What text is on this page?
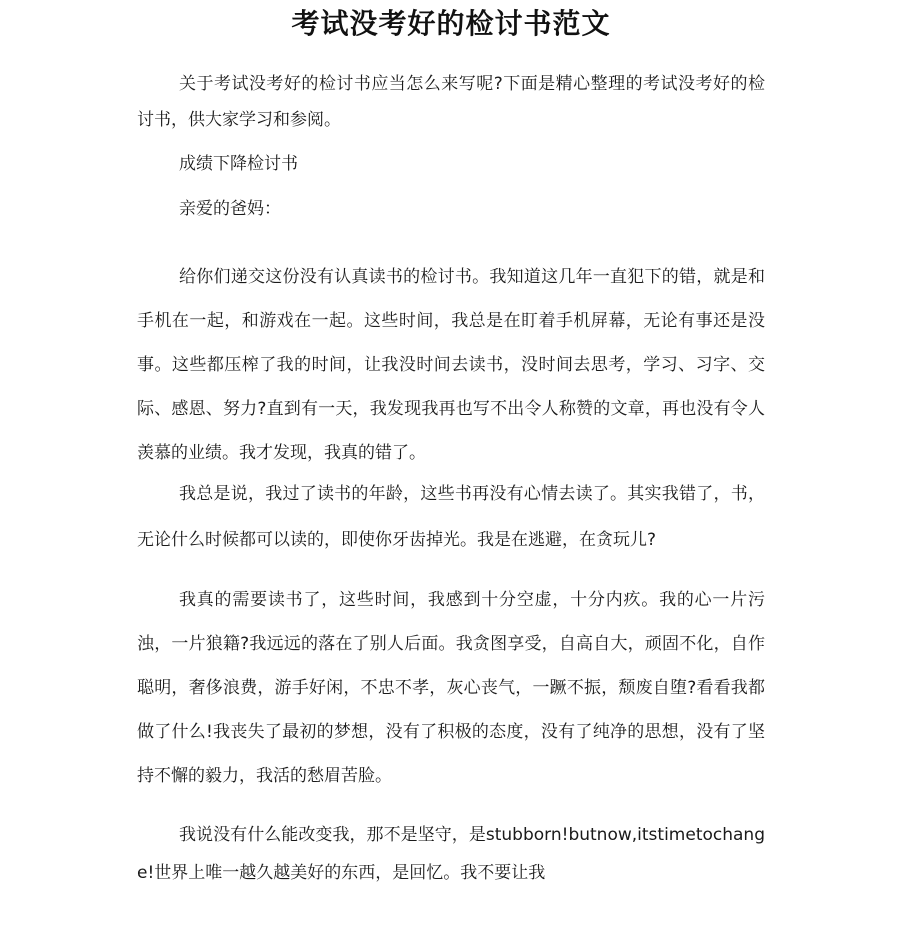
考试没考好的检讨书范文

关于考试没考好的检讨书应当怎么来写呢?下面是精心整理的考试没考好的检讨书，供大家学习和参阅。

成绩下降检讨书

亲爱的爸妈：

给你们递交这份没有认真读书的检讨书。我知道这几年一直犯下的错，就是和手机在一起，和游戏在一起。这些时间，我总是在盯着手机屏幕，无论有事还是没事。这些都压榨了我的时间，让我没时间去读书，没时间去思考，学习、习字、交际、感恩、努力?直到有一天，我发现我再也写不出令人称赞的文章，再也没有令人羡慕的业绩。我才发现，我真的错了。

我总是说，我过了读书的年龄，这些书再没有心情去读了。其实我错了，书，无论什么时候都可以读的，即使你牙齿掉光。我是在逃避，在贪玩儿?

我真的需要读书了，这些时间，我感到十分空虚，十分内疚。我的心一片污浊，一片狼籍?我远远的落在了别人后面。我贪图享受，自高自大，顽固不化，自作聪明，奢侈浪费，游手好闲，不忠不孝，灰心丧气，一蹶不振，颓废自堕?看看我都做了什么!我丧失了最初的梦想，没有了积极的态度，没有了纯净的思想，没有了坚持不懈的毅力，我活的愁眉苦脸。

我说没有什么能改变我，那不是坚守，是stubborn!butnow,itstimetochange!世界上唯一越久越美好的东西，是回忆。我不要让我
